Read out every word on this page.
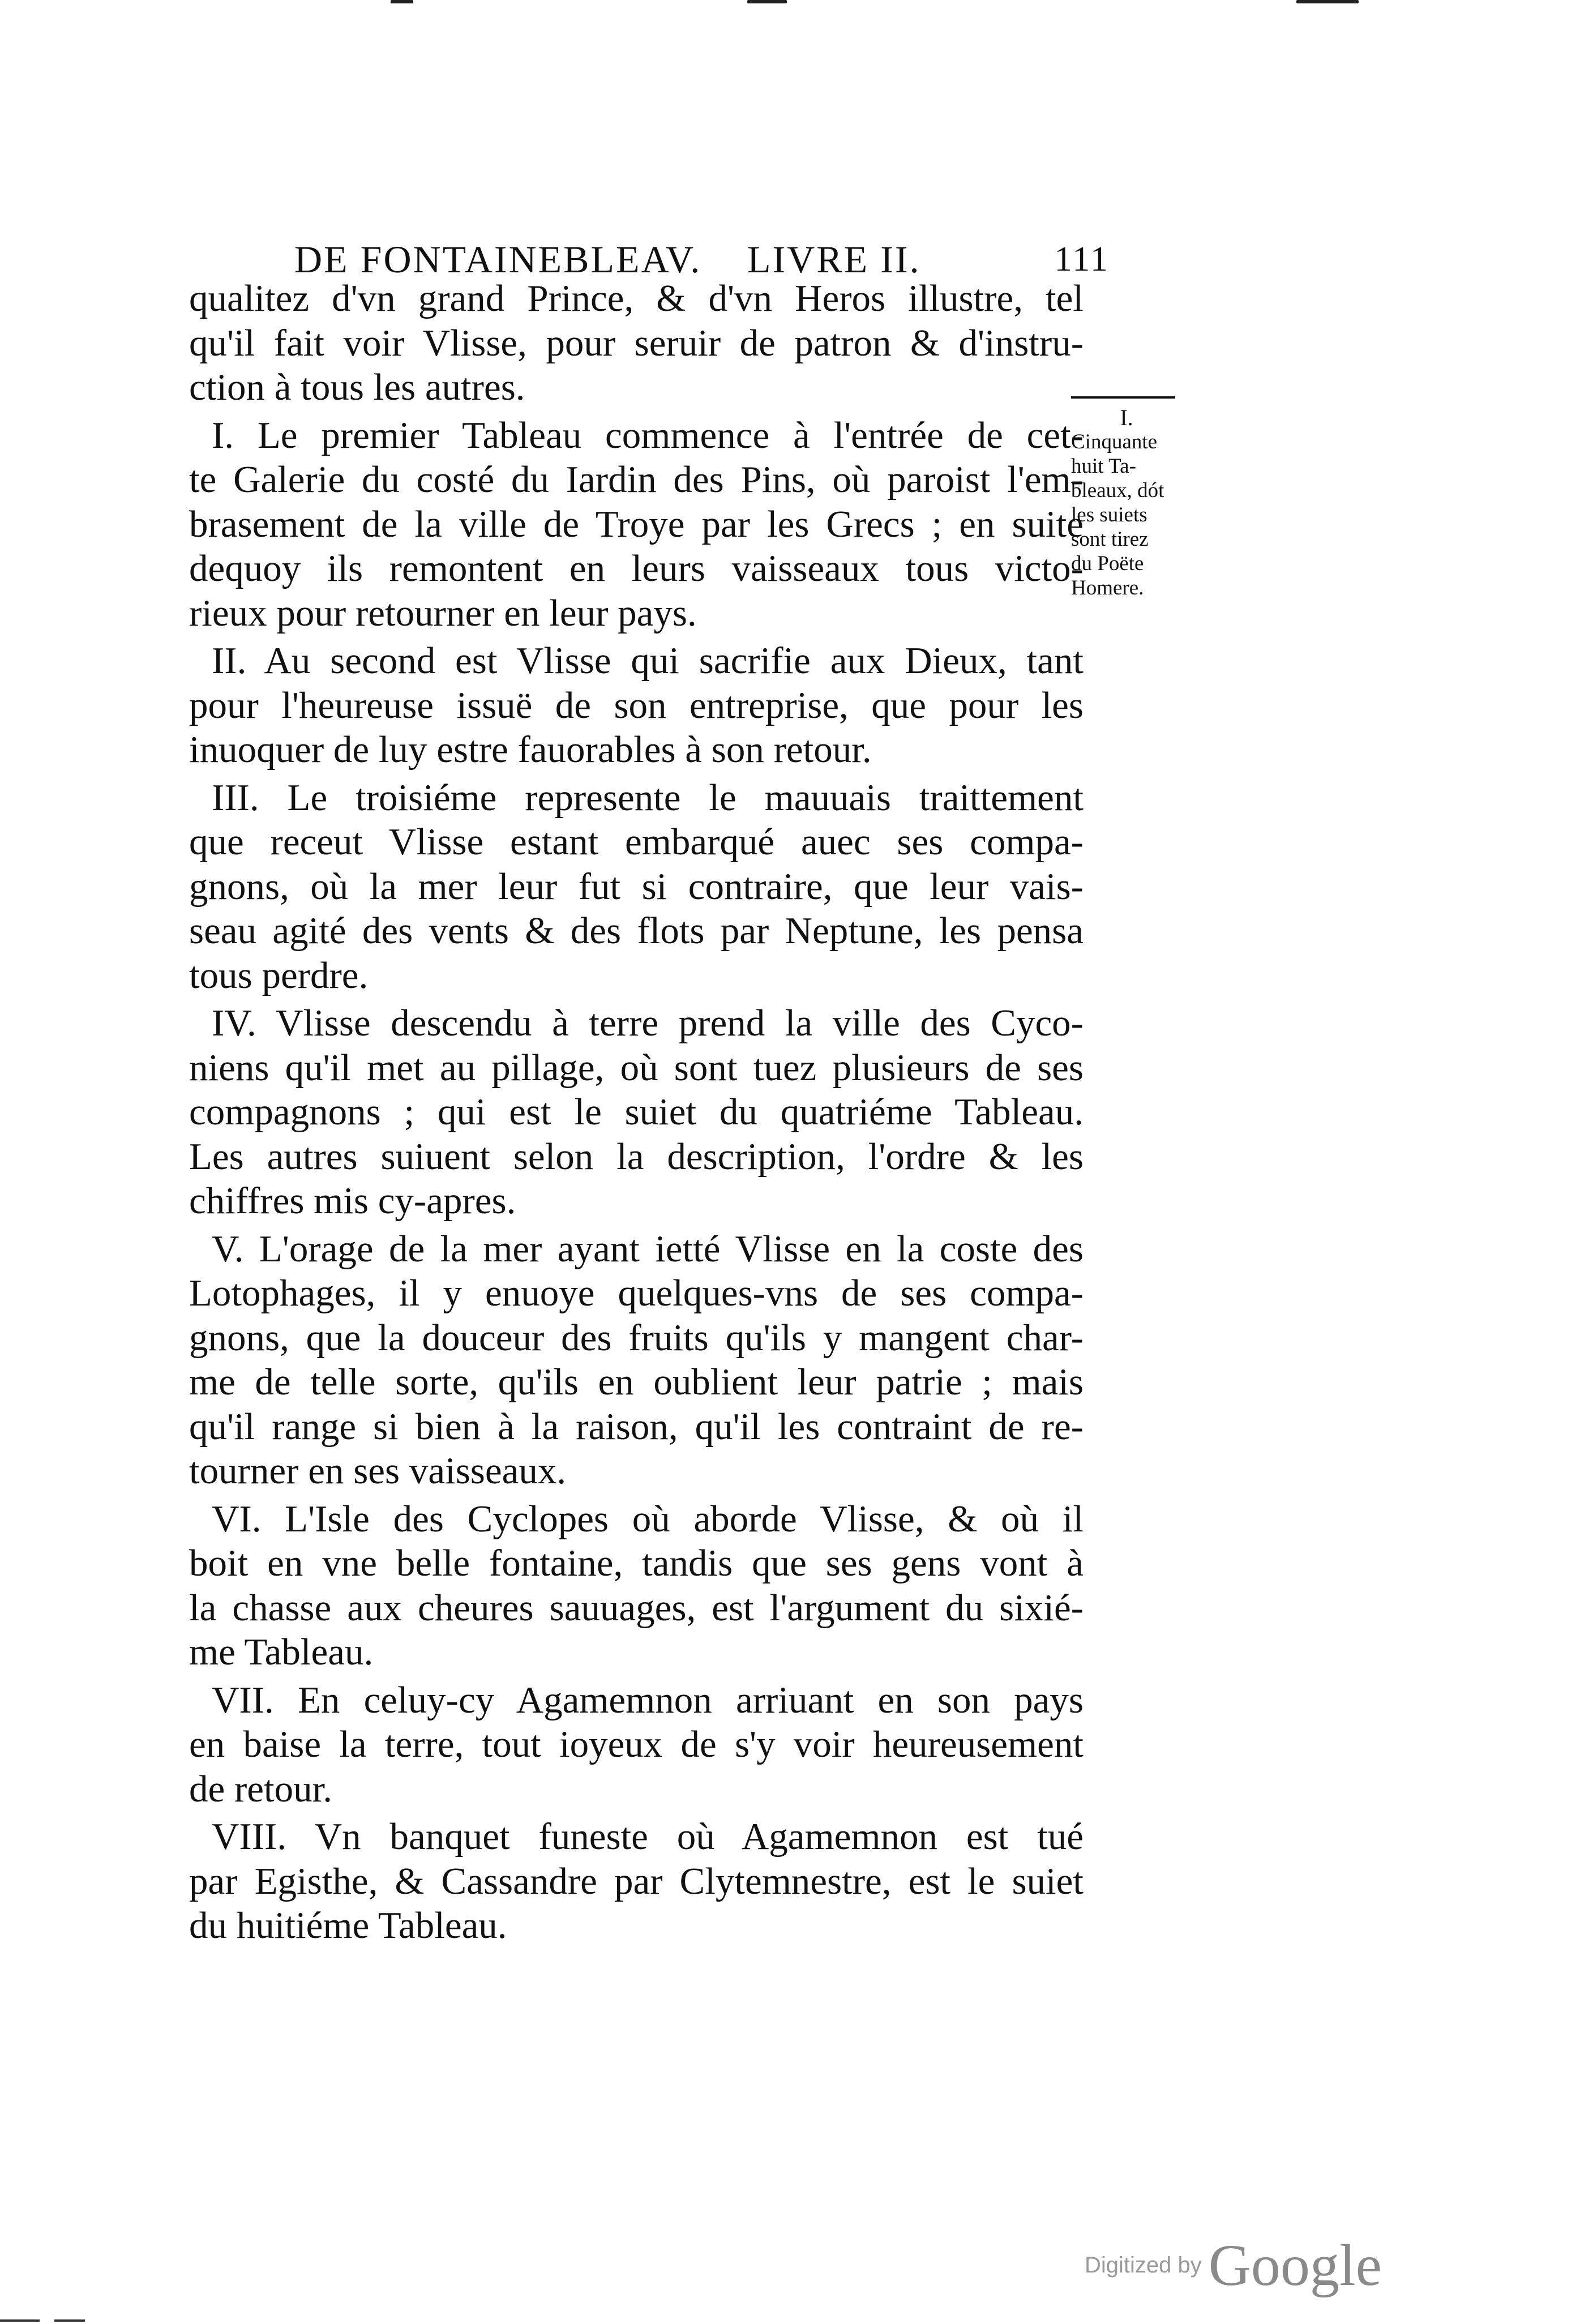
DE FONTAINEBLEAV. LIVRE II.	111
qualitez d'vn grand Prince, & d'vn Heros illustre, tel
qu'il fait voir Vlisse, pour seruir de patron & d'instru-
ction à tous les autres.
I. Le premier Tableau commence à l'entrée de cet-
te Galerie du costé du Iardin des Pins, où paroist l'em-
brasement de la ville de Troye par les Grecs ; en suite
dequoy ils remontent en leurs vaisseaux tous victo-
rieux pour retourner en leur pays.
II. Au second est Vlisse qui sacrifie aux Dieux, tant
pour l'heureuse issuë de son entreprise, que pour les
inuoquer de luy estre fauorables à son retour.
III. Le troisiéme represente le mauuais traittement
que receut Vlisse estant embarqué auec ses compa-
gnons, où la mer leur fut si contraire, que leur vais-
seau agité des vents & des flots par Neptune, les pensa
tous perdre.
IV. Vlisse descendu à terre prend la ville des Cyco-
niens qu'il met au pillage, où sont tuez plusieurs de ses
compagnons ; qui est le suiet du quatriéme Tableau.
Les autres suiuent selon la description, l'ordre & les
chiffres mis cy-apres.
V. L'orage de la mer ayant ietté Vlisse en la coste des
Lotophages, il y enuoye quelques-vns de ses compa-
gnons, que la douceur des fruits qu'ils y mangent char-
me de telle sorte, qu'ils en oublient leur patrie ; mais
qu'il range si bien à la raison, qu'il les contraint de re-
tourner en ses vaisseaux.
VI. L'Isle des Cyclopes où aborde Vlisse, & où il
boit en vne belle fontaine, tandis que ses gens vont à
la chasse aux cheures sauuages, est l'argument du sixié-
me Tableau.
VII. En celuy-cy Agamemnon arriuant en son pays
en baise la terre, tout ioyeux de s'y voir heureusement
de retour.
VIII. Vn banquet funeste où Agamemnon est tué
par Egisthe, & Cassandre par Clytemnestre, est le suiet
du huitiéme Tableau.
I.
Cinquante
huit Ta-
bleaux, dót
les suiets
sont tirez
du Poëte
Homere.
Digitized by Google
